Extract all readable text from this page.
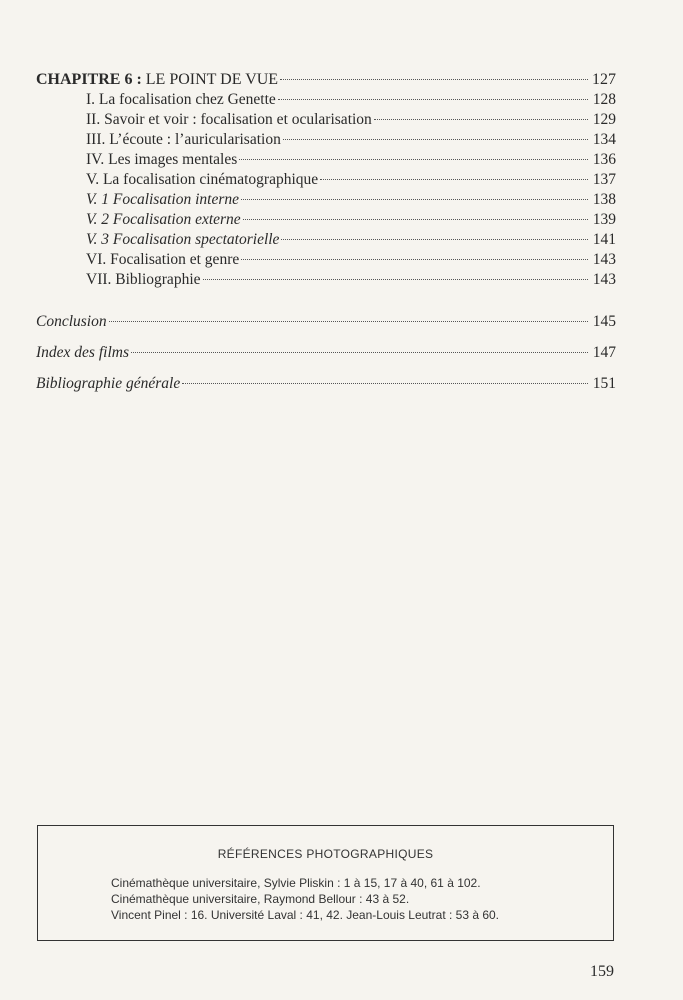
CHAPITRE 6 : LE POINT DE VUE	127
I. La focalisation chez Genette	128
II. Savoir et voir : focalisation et ocularisation	129
III. L’écoute : l’auricularisation	134
IV. Les images mentales	136
V. La focalisation cinématographique	137
V. 1 Focalisation interne	138
V. 2 Focalisation externe	139
V. 3 Focalisation spectatorielle	141
VI. Focalisation et genre	143
VII. Bibliographie	143
Conclusion	145
Index des films	147
Bibliographie générale	151
RÉFÉRENCES PHOTOGRAPHIQUES
Cinémathèque universitaire, Sylvie Pliskin : 1 à 15, 17 à 40, 61 à 102.
Cinémathèque universitaire, Raymond Bellour : 43 à 52.
Vincent Pinel : 16. Université Laval : 41, 42. Jean-Louis Leutrat : 53 à 60.
159
